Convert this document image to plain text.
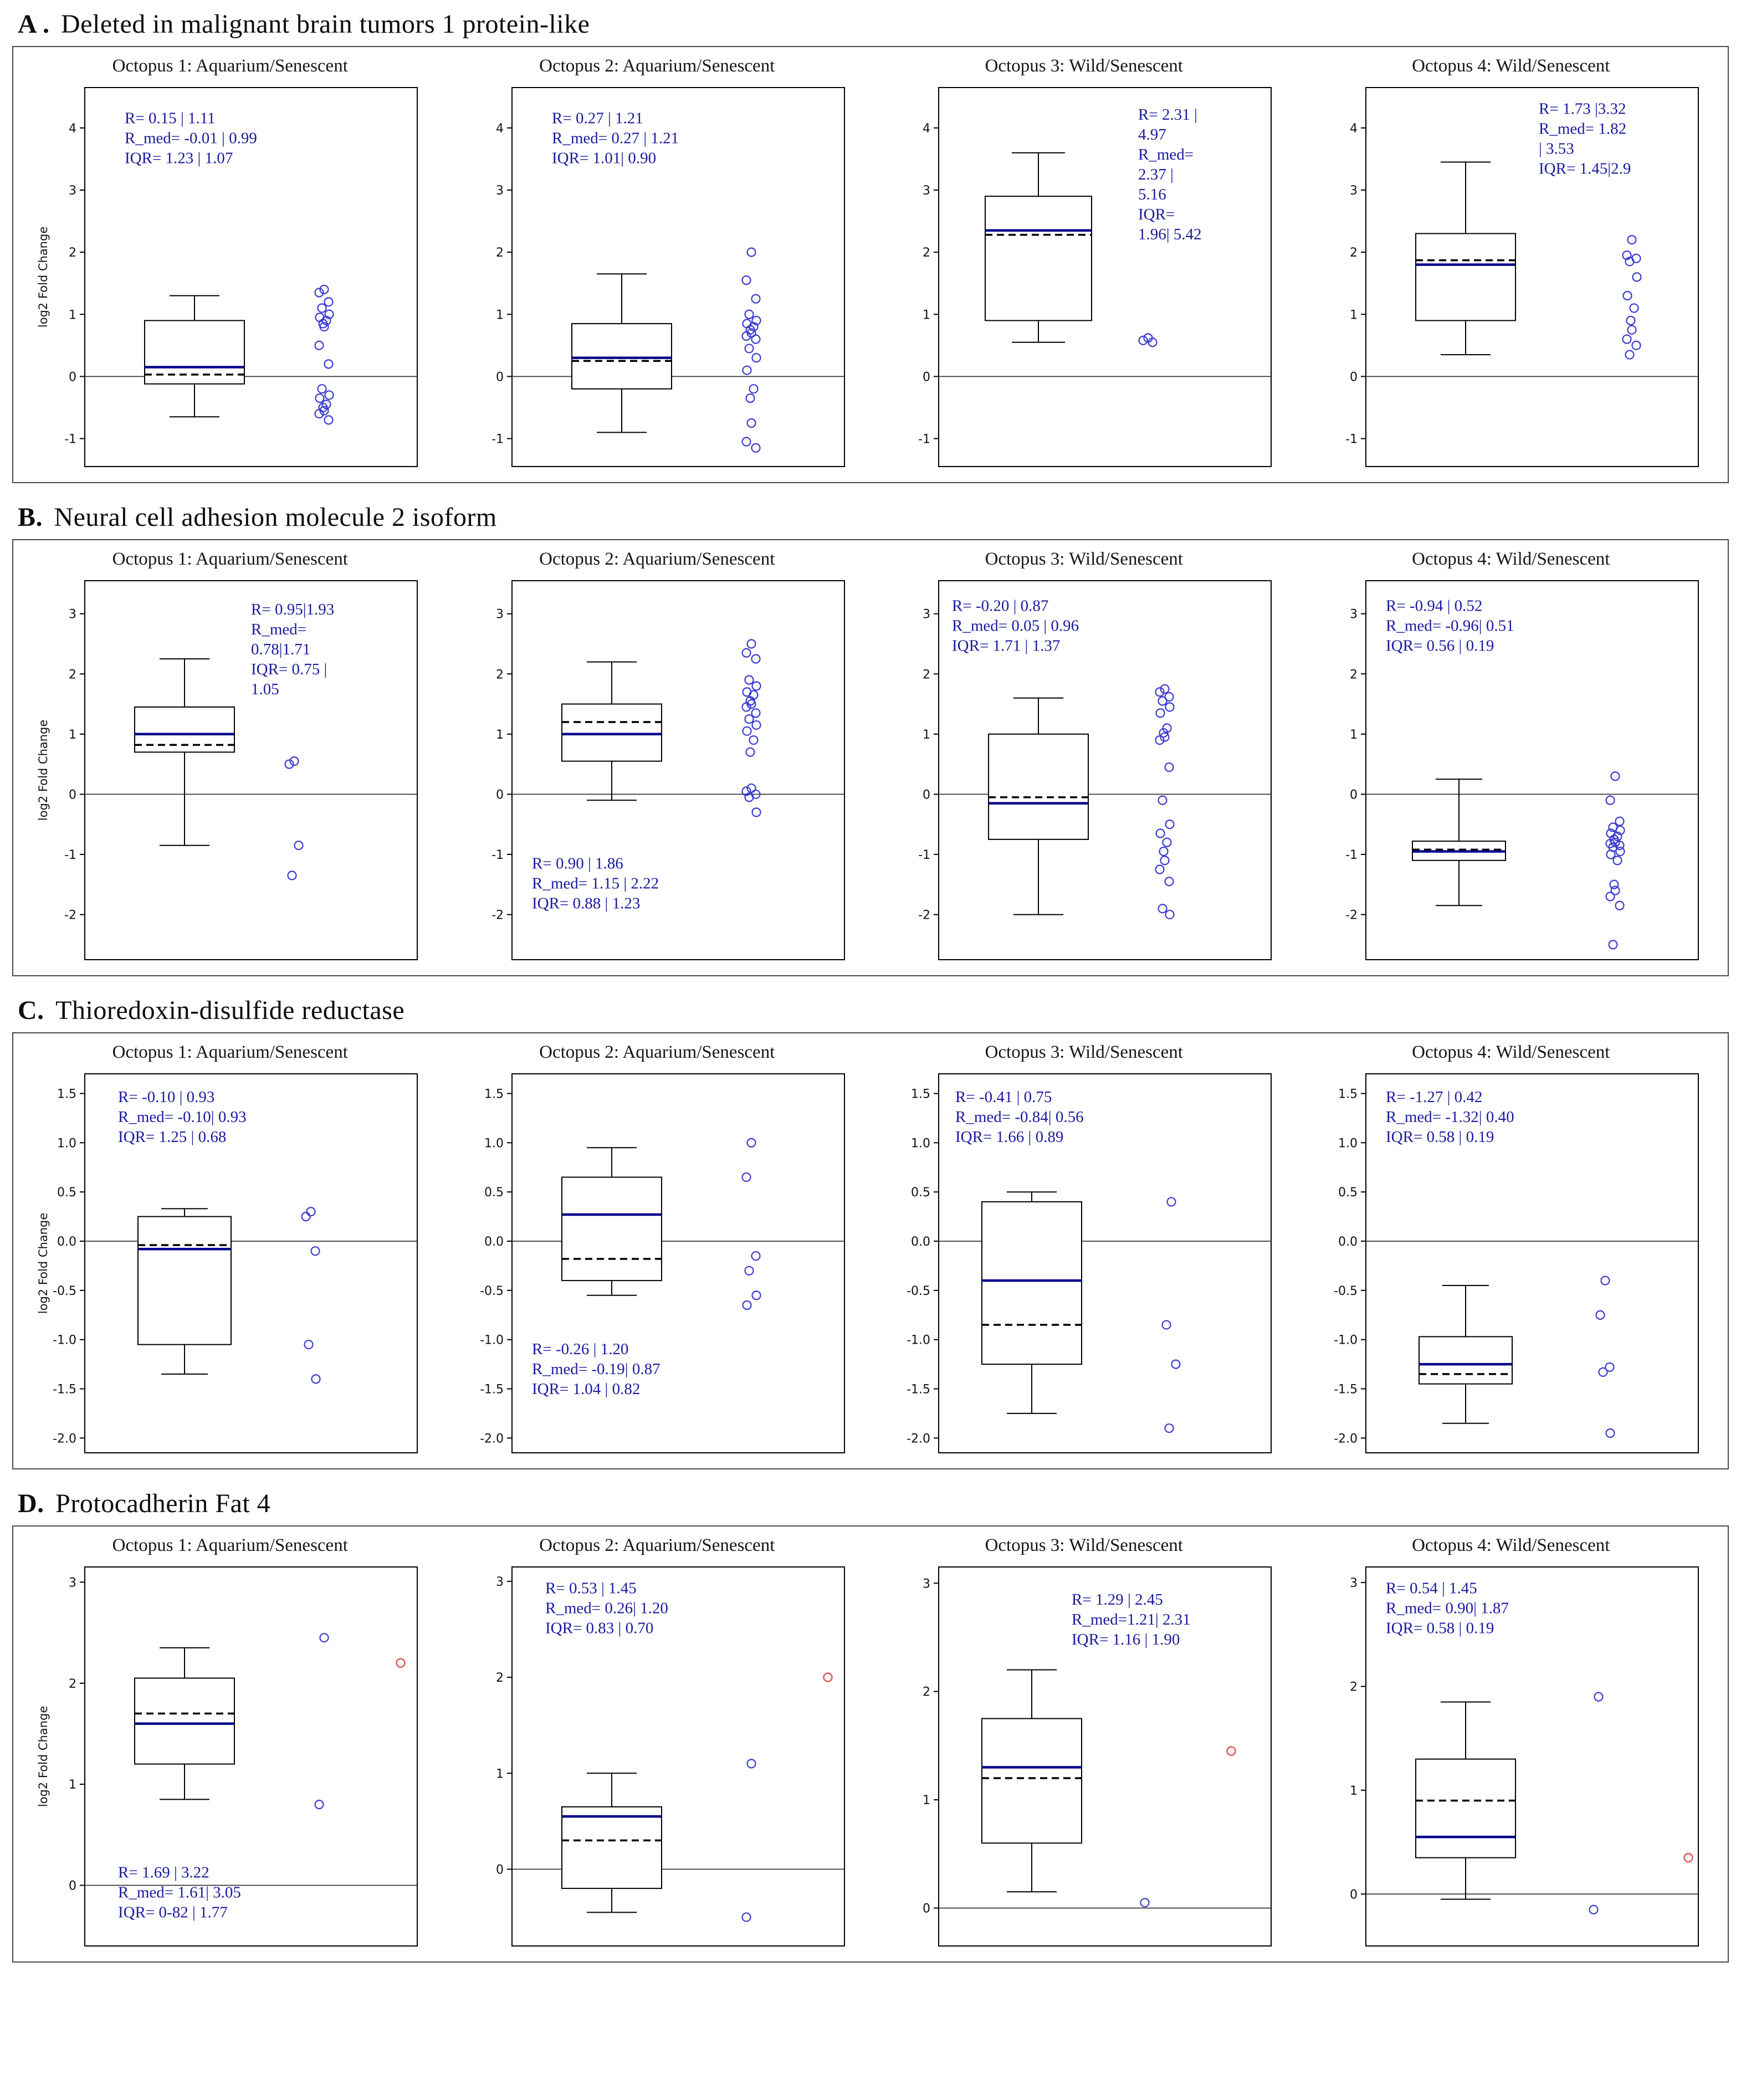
A . Deleted in malignant brain tumors 1 protein-like
Octopus 1: Aquarium/Senescent
-1
0
1
2
3
4
log2 Fold Change
R= 0.15 | 1.11
R_med= -0.01 | 0.99
IQR= 1.23 | 1.07
Octopus 2: Aquarium/Senescent
-1
0
1
2
3
4
R= 0.27 | 1.21
R_med= 0.27 | 1.21
IQR= 1.01| 0.90
Octopus 3: Wild/Senescent
-1
0
1
2
3
4
R= 2.31 |
4.97
R_med=
2.37 |
5.16
IQR=
1.96| 5.42
Octopus 4: Wild/Senescent
-1
0
1
2
3
4
R= 1.73 |3.32
R_med= 1.82
| 3.53
IQR= 1.45|2.9
B. Neural cell adhesion molecule 2 isoform
Octopus 1: Aquarium/Senescent
-2
-1
0
1
2
3
log2 Fold Change
R= 0.95|1.93
R_med=
0.78|1.71
IQR= 0.75 |
1.05
Octopus 2: Aquarium/Senescent
-2
-1
0
1
2
3
R= 0.90 | 1.86
R_med= 1.15 | 2.22
IQR= 0.88 | 1.23
Octopus 3: Wild/Senescent
-2
-1
0
1
2
3 R= -0.20 | 0.87
R_med= 0.05 | 0.96
IQR= 1.71 | 1.37
Octopus 4: Wild/Senescent
-2
-1
0
1
2
3 R= -0.94 | 0.52
R_med= -0.96| 0.51
IQR= 0.56 | 0.19
C. Thioredoxin-disulfide reductase
Octopus 1: Aquarium/Senescent
-2.0
-1.5
-1.0
-0.5
0.0
0.5
1.0
1.5
log2 Fold Change
R= -0.10 | 0.93
R_med= -0.10| 0.93
IQR= 1.25 | 0.68
Octopus 2: Aquarium/Senescent
-2.0
-1.5
-1.0
-0.5
0.0
0.5
1.0
1.5
R= -0.26 | 1.20
R_med= -0.19| 0.87
IQR= 1.04 | 0.82
Octopus 3: Wild/Senescent
-2.0
-1.5
-1.0
-0.5
0.0
0.5
1.0
1.5 R= -0.41 | 0.75
R_med= -0.84| 0.56
IQR= 1.66 | 0.89
Octopus 4: Wild/Senescent
-2.0
-1.5
-1.0
-0.5
0.0
0.5
1.0
1.5 R= -1.27 | 0.42
R_med= -1.32| 0.40
IQR= 0.58 | 0.19
D. Protocadherin Fat 4
Octopus 1: Aquarium/Senescent
0
1
2
3
log2 Fold Change
R= 1.69 | 3.22
R_med= 1.61| 3.05
IQR= 0-82 | 1.77
Octopus 2: Aquarium/Senescent
0
1
2
3	R= 0.53 | 1.45
R_med= 0.26| 1.20
IQR= 0.83 | 0.70
Octopus 3: Wild/Senescent
0
1
2
3
R= 1.29 | 2.45
R_med=1.21| 2.31
IQR= 1.16 | 1.90
Octopus 4: Wild/Senescent
0
1
2
3 R= 0.54 | 1.45
R_med= 0.90| 1.87
IQR= 0.58 | 0.19
